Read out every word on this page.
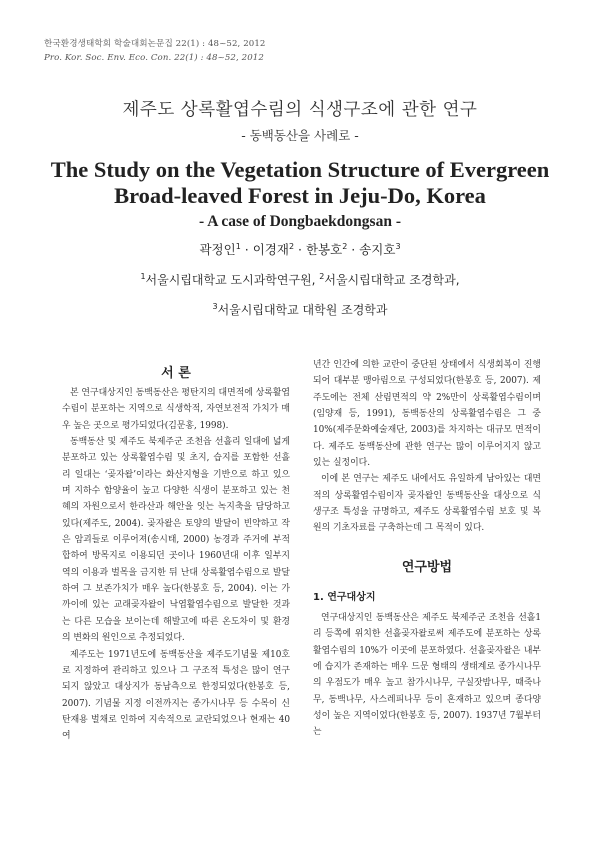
한국환경생태학회 학술대회논문집 22(1) : 48~52, 2012
Pro. Kor. Soc. Env. Eco. Con. 22(1) : 48~52, 2012
제주도 상록활엽수림의 식생구조에 관한 연구
- 동백동산을 사례로 -
The Study on the Vegetation Structure of Evergreen
Broad-leaved Forest in Jeju-Do, Korea
- A case of Dongbaekdongsan -
곽정인$^1$ · 이경재$^2$ · 한봉호$^2$ · 송지호$^3$
$^1$서울시립대학교 도시과학연구원, $^2$서울시립대학교 조경학과,
$^3$서울시립대학교 대학원 조경학과
서 론

본 연구대상지인 동백동산은 평탄지의 대면적에 상록활엽수림이 분포하는 지역으로 식생학적, 자연보전적 가치가 매우 높은 곳으로 평가되었다(김문홍, 1998).

동백동산 및 제주도 북제주군 조천읍 선흘리 일대에 넓게 분포하고 있는 상록활엽수림 및 초지, 습지를 포함한 선흘리 일대는 ‘곶자왈’이라는 화산지형을 기반으로 하고 있으며 지하수 함양율이 높고 다양한 식생이 분포하고 있는 천혜의 자원으로서 한라산과 해안을 잇는 녹지축을 담당하고 있다(제주도, 2004). 곶자왈은 토양의 발달이 빈약하고 작은 암괴들로 이루어져(송시태, 2000) 농경과 주거에 부적합하여 방목지로 이용되던 곳이나 1960년대 이후 일부지역의 이용과 벌목을 금지한 뒤 난대 상록활엽수림으로 발달하여 그 보존가치가 매우 높다(한봉호 등, 2004). 이는 가까이에 있는 교래곶자왈이 낙엽활엽수림으로 발달한 것과는 다른 모습을 보이는데 해발고에 따른 온도차이 및 환경의 변화의 원인으로 추정되었다.

제주도는 1971년도에 동백동산을 제주도기념물 제10호로 지정하여 관리하고 있으나 그 구조적 특성은 많이 연구되지 않았고 대상지가 동남측으로 한정되었다(한봉호 등, 2007). 기념물 지정 이전까지는 종가시나무 등 수목이 신탄재용 벌채로 인하여 지속적으로 교란되었으나 현재는 40여

년간 인간에 의한 교란이 중단된 상태에서 식생회복이 진행되어 대부분 맹아림으로 구성되었다(한봉호 등, 2007). 제주도에는 전체 산림면적의 약 2%만이 상록활엽수림이며(임양재 등, 1991), 동백동산의 상록활엽수림은 그 중 10%(제주문화예술재단, 2003)를 차지하는 대규모 면적이다. 제주도 동백동산에 관한 연구는 많이 이루어지지 않고 있는 실정이다.

이에 본 연구는 제주도 내에서도 유일하게 남아있는 대면적의 상록활엽수림이자 곶자왈인 동백동산을 대상으로 식생구조 특성을 규명하고, 제주도 상록활엽수림 보호 및 복원의 기초자료를 구축하는데 그 목적이 있다.

연구방법
1. 연구대상지

연구대상지인 동백동산은 제주도 북제주군 조천읍 선흘1리 등쪽에 위치한 선흘곶자왈로써 제주도에 분포하는 상록활엽수림의 10%가 이곳에 분포하였다. 선흘곶자왈은 내부에 습지가 존재하는 매우 드문 형태의 생태계로 종가시나무의 우점도가 매우 높고 참가시나무, 구실잣밤나무, 때죽나무, 동백나무, 사스레피나무 등이 혼재하고 있으며 종다양성이 높은 지역이었다(한봉호 등, 2007). 1937년 7월부터는
